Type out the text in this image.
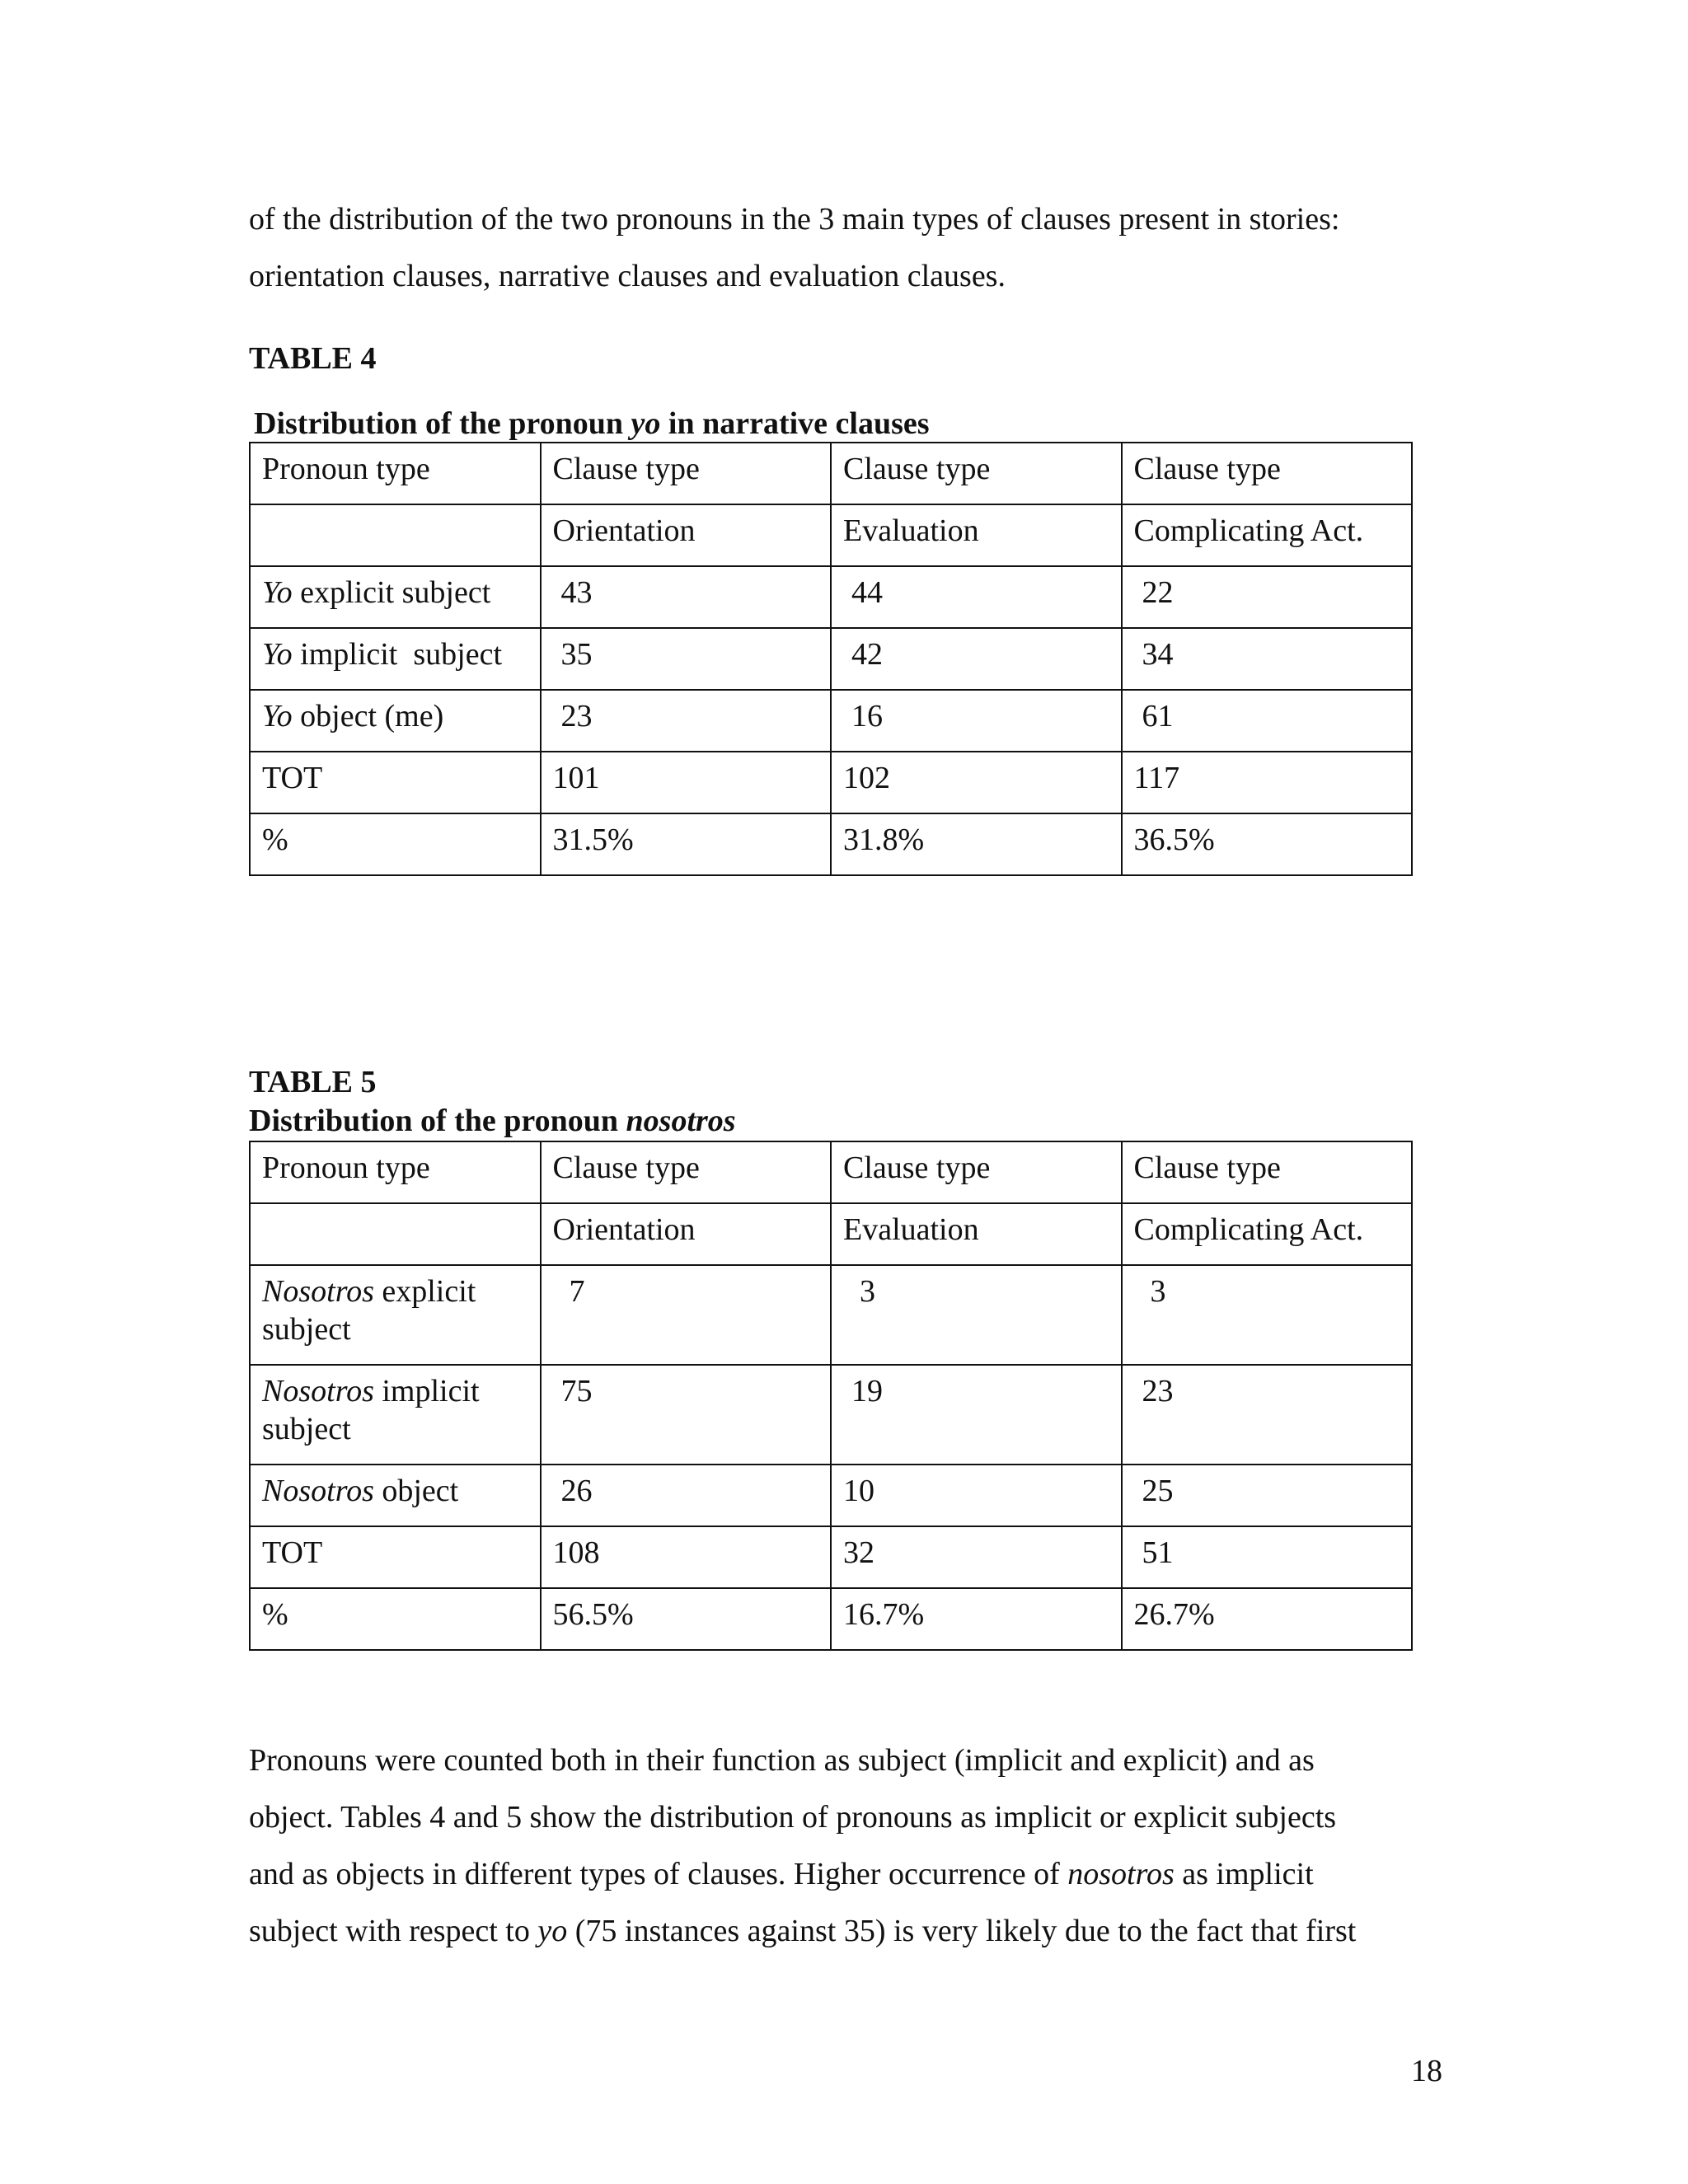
of the distribution of the two pronouns in the 3 main types of clauses present in stories:
orientation clauses, narrative clauses and evaluation clauses.

TABLE 4

Distribution of the pronoun yo in narrative clauses

Pronoun type	Clause type	Clause type	Clause type
	Orientation	Evaluation	Complicating Act.
Yo explicit subject	43	44	22
Yo implicit  subject	35	42	34
Yo object (me)	23	16	61
TOT	101	102	117
%	31.5%	31.8%	36.5%

TABLE 5

Distribution of the pronoun nosotros

Pronoun type	Clause type	Clause type	Clause type
	Orientation	Evaluation	Complicating Act.
Nosotros explicit
subject	7	3	3
Nosotros implicit
subject	75	19	23
Nosotros object	26	10	25
TOT	108	32	51
%	56.5%	16.7%	26.7%

Pronouns were counted both in their function as subject (implicit and explicit) and as
object. Tables 4 and 5 show the distribution of pronouns as implicit or explicit subjects
and as objects in different types of clauses. Higher occurrence of nosotros as implicit
subject with respect to yo (75 instances against 35) is very likely due to the fact that first

18
